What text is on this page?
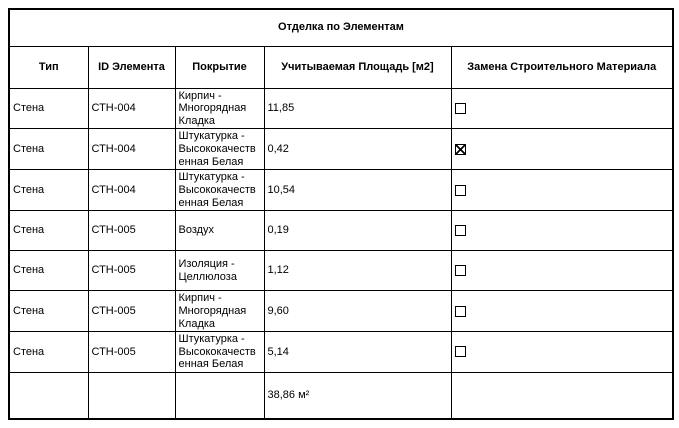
Отделка по Элементам				
Тип	ID Элемента	Покрытие	Учитываемая Площадь [м2]	Замена Строительного Материала
Стена	СТН-004	Кирпич - Многорядная Кладка	11,85	
Стена	СТН-004	Штукатурка - Высококачественная Белая	0,42	
Стена	СТН-004	Штукатурка - Высококачественная Белая	10,54	
Стена	СТН-005	Воздух	0,19	
Стена	СТН-005	Изоляция - Целлюлоза	1,12	
Стена	СТН-005	Кирпич - Многорядная Кладка	9,60	
Стена	СТН-005	Штукатурка - Высококачественная Белая	5,14	
			38,86 м²	
